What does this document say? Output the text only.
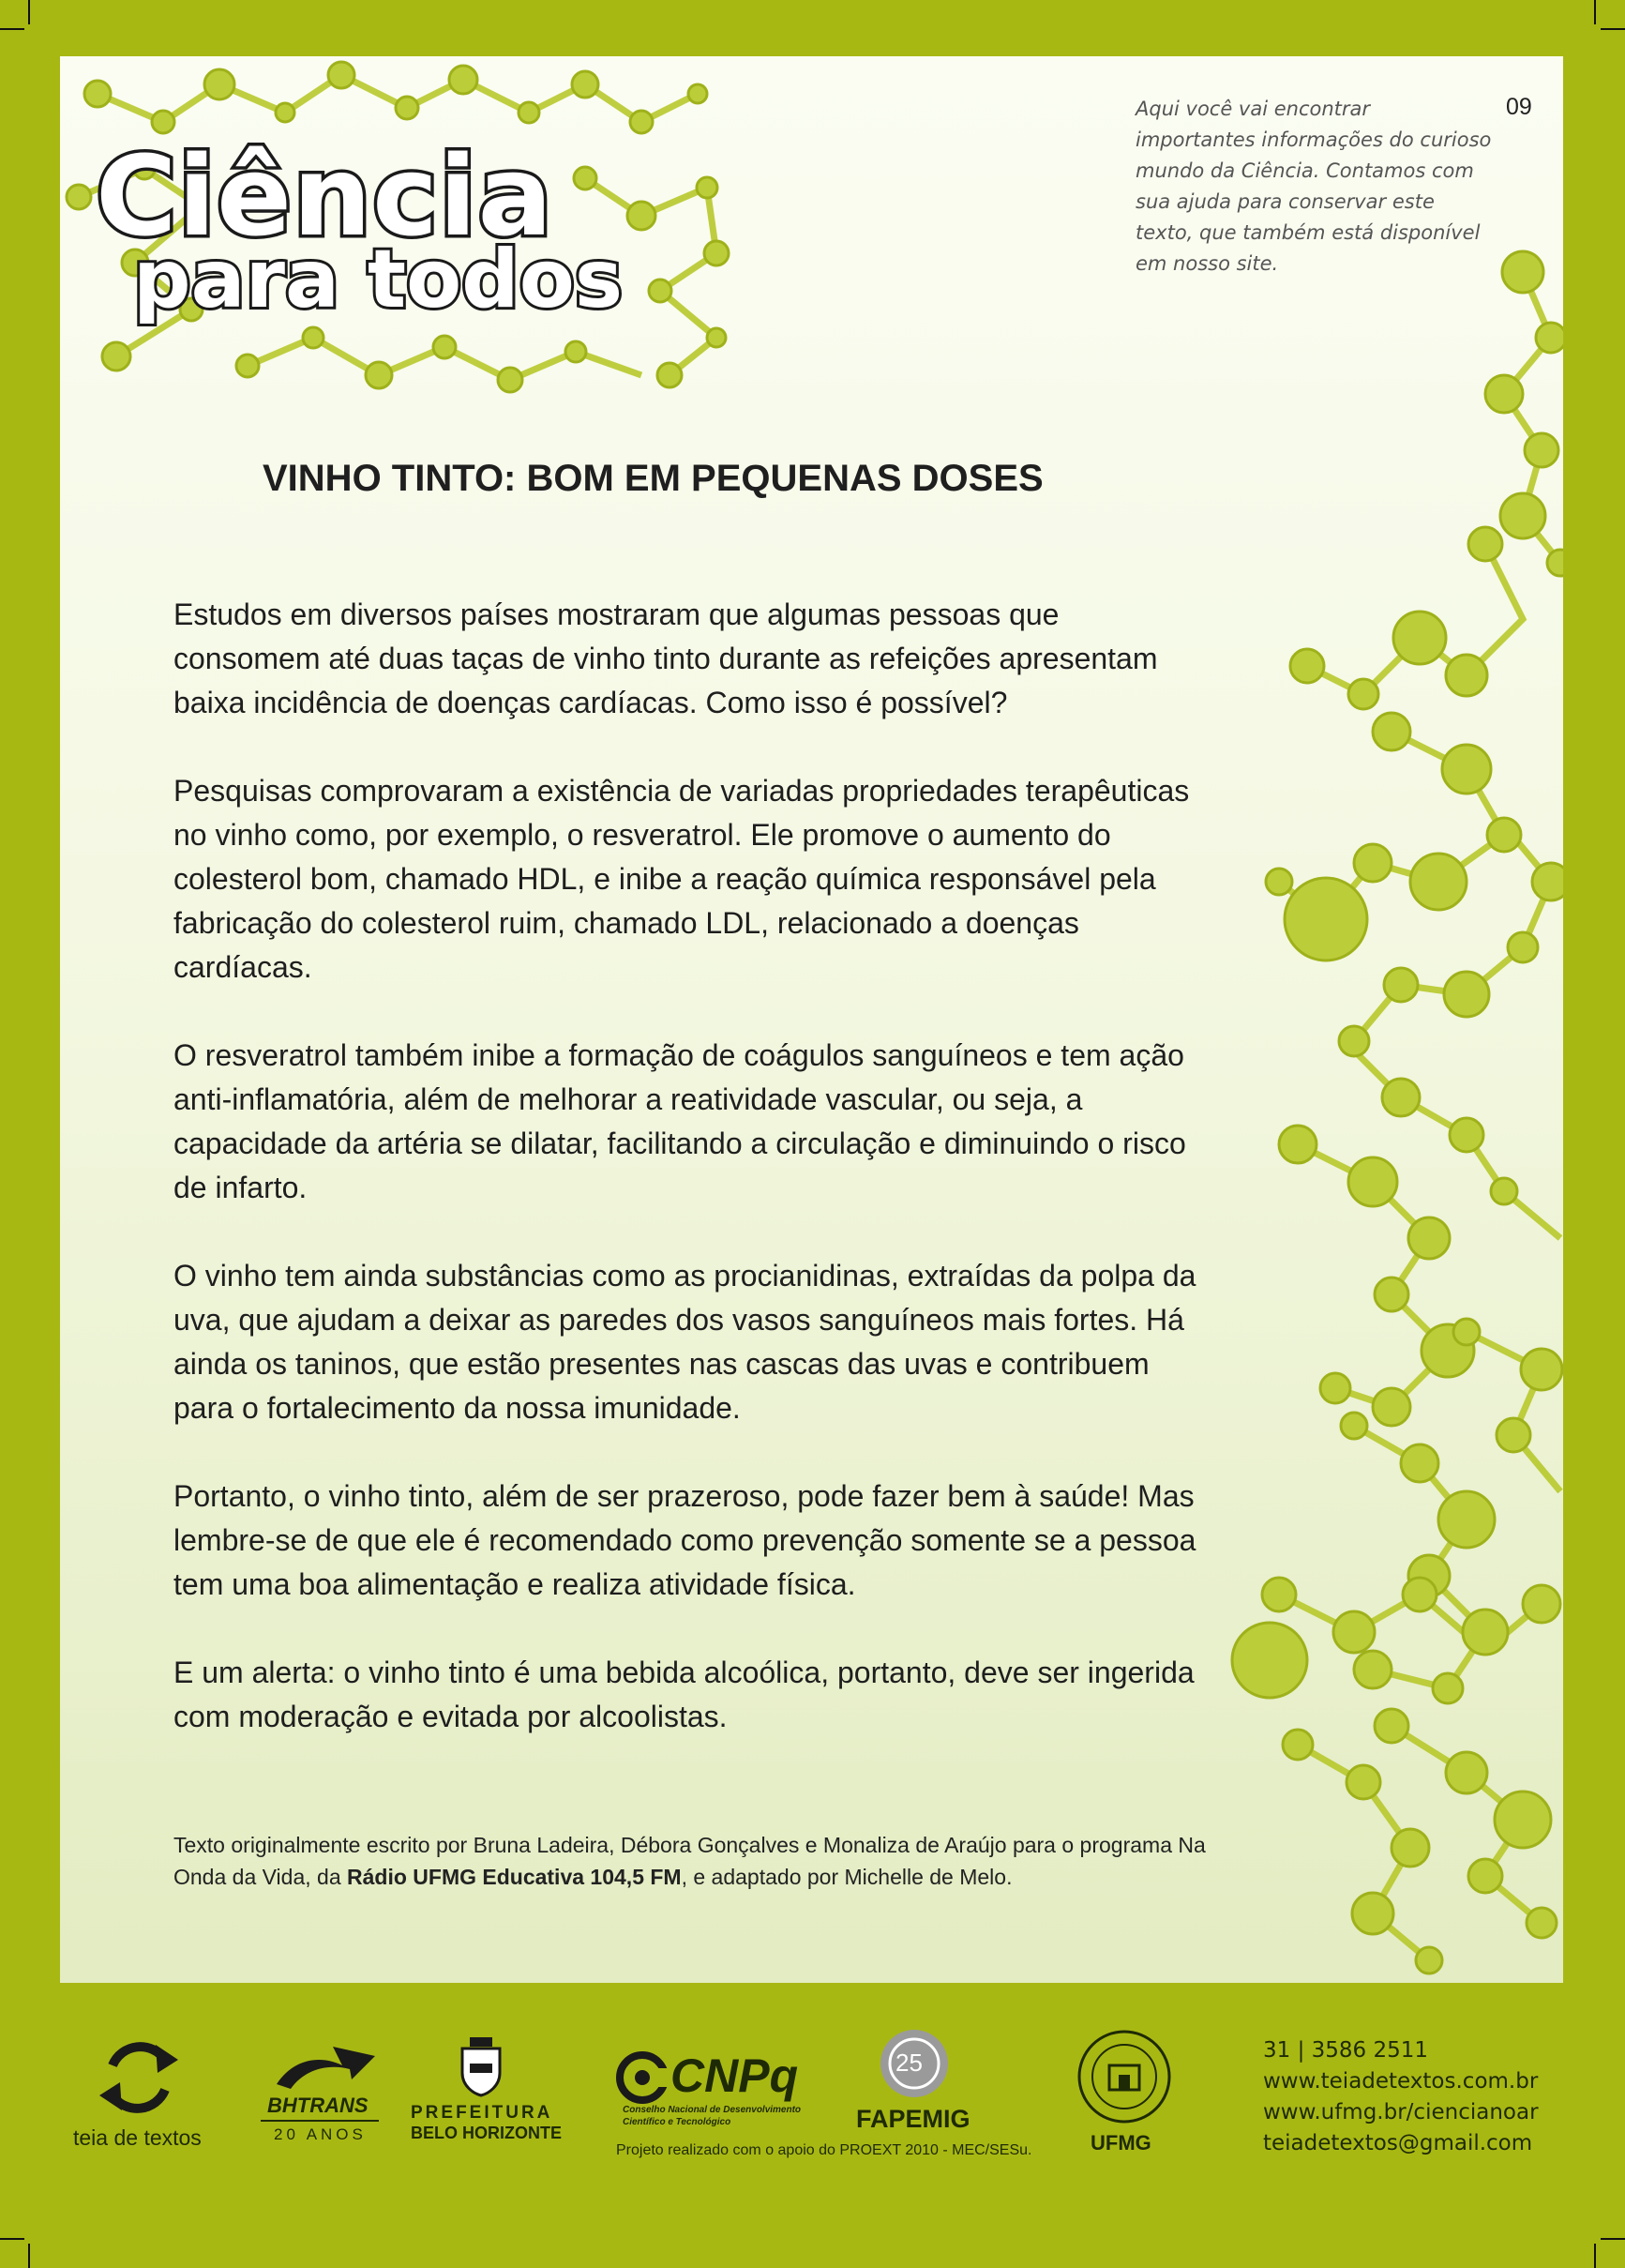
09
Ciência
para todos
Aqui você vai encontrar importantes informações do curioso mundo da Ciência. Contamos com sua ajuda para conservar este texto, que também está disponível em nosso site.
VINHO TINTO: BOM EM PEQUENAS DOSES

Estudos em diversos países mostraram que algumas pessoas que consomem até duas taças de vinho tinto durante as refeições apresentam baixa incidência de doenças cardíacas. Como isso é possível?

Pesquisas comprovaram a existência de variadas propriedades terapêuticas no vinho como, por exemplo, o resveratrol. Ele promove o aumento do colesterol bom, chamado HDL, e inibe a reação química responsável pela fabricação do colesterol ruim, chamado LDL, relacionado a doenças cardíacas.

O resveratrol também inibe a formação de coágulos sanguíneos e tem ação anti-inflamatória, além de melhorar a reatividade vascular, ou seja, a capacidade da artéria se dilatar, facilitando a circulação e diminuindo o risco de infarto.

O vinho tem ainda substâncias como as procianidinas, extraídas da polpa da uva, que ajudam a deixar as paredes dos vasos sanguíneos mais fortes. Há ainda os taninos, que estão presentes nas cascas das uvas e contribuem para o fortalecimento da nossa imunidade.

Portanto, o vinho tinto, além de ser prazeroso, pode fazer bem à saúde! Mas lembre-se de que ele é recomendado como prevenção somente se a pessoa tem uma boa alimentação e realiza atividade física.

E um alerta: o vinho tinto é uma bebida alcoólica, portanto, deve ser ingerida com moderação e evitada por alcoolistas.

Texto originalmente escrito por Bruna Ladeira, Débora Gonçalves e Monaliza de Araújo para o programa Na Onda da Vida, da Rádio UFMG Educativa 104,5 FM, e adaptado por Michelle de Melo.
teia de textos
BHTRANS
20 ANOS
PREFEITURA
BELO HORIZONTE
CNPq
Conselho Nacional de Desenvolvimento
Científico e Tecnológico
25
FAPEMIG
UFMG
Projeto realizado com o apoio do PROEXT 2010 - MEC/SESu.
31 | 3586 2511
www.teiadetextos.com.br
www.ufmg.br/ciencianoar
teiadetextos@gmail.com
